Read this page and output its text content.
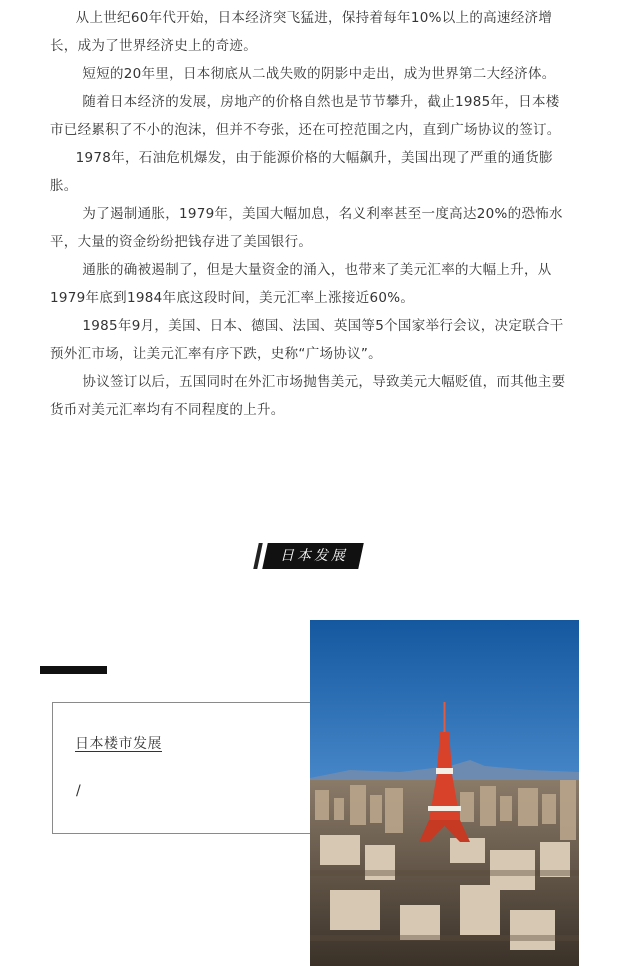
从上世纪60年代开始，日本经济突飞猛进，保持着每年10%以上的高速经济增长，成为了世界经济史上的奇迹。

短短的20年里，日本彻底从二战失败的阴影中走出，成为世界第二大经济体。

随着日本经济的发展，房地产的价格自然也是节节攀升，截止1985年，日本楼市已经累积了不小的泡沫，但并不夸张，还在可控范围之内，直到广场协议的签订。

1978年，石油危机爆发，由于能源价格的大幅飙升，美国出现了严重的通货膨胀。

为了遏制通胀，1979年，美国大幅加息，名义利率甚至一度高达20%的恐怖水平，大量的资金纷纷把钱存进了美国银行。

通胀的确被遏制了，但是大量资金的涌入，也带来了美元汇率的大幅上升，从1979年底到1984年底这段时间，美元汇率上涨接近60%。

1985年9月，美国、日本、德国、法国、英国等5个国家举行会议，决定联合干预外汇市场，让美元汇率有序下跌，史称“广场协议”。

协议签订以后，五国同时在外汇市场抛售美元，导致美元大幅贬值，而其他主要货币对美元汇率均有不同程度的上升。

日本发展
日本楼市发展
/
